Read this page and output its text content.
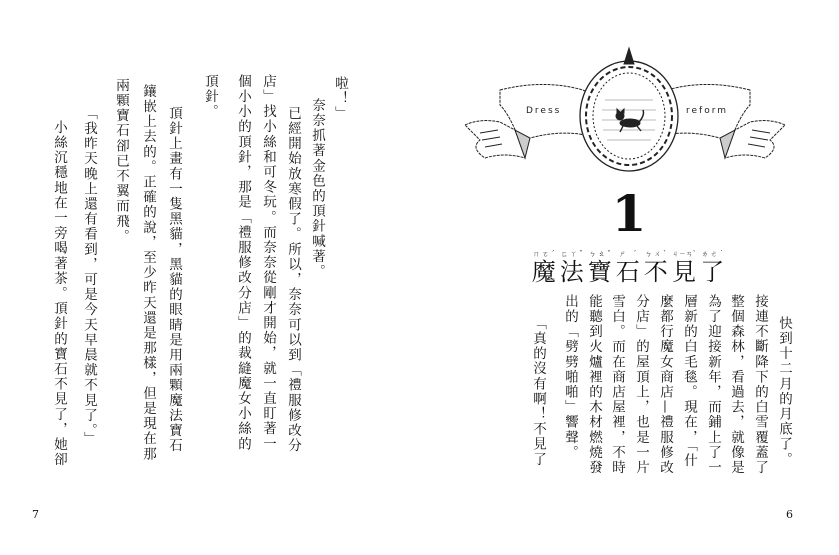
啦！」
奈奈抓著金色的頂針喊著。
已經開始放寒假了。所以，奈奈可以到「禮服修改分
店」找小絲和可冬玩。而奈奈從剛才開始，就一直盯著一
個小小的頂針，那是「禮服修改分店」的裁縫魔女小絲的
頂針。
頂針上畫有一隻黑貓，黑貓的眼睛是用兩顆魔法寶石
鑲嵌上去的。正確的說，至少昨天還是那樣，但是現在那
兩顆寶石卻已不翼而飛。
「我昨天晚上還有看到，可是今天早晨就不見了。」
小絲沉穩地在一旁喝著茶。頂針的寶石不見了，她卻
7
Dress	reform
1
魔ㄇㄛˊ法ㄈㄚˇ寶ㄅㄠˇ石ㄕˊ不ㄅㄨˋ見ㄐㄧㄢˋ了ㄌㄜ˙
快到十二月的月底了。
接連不斷降下的白雪覆蓋了
整個森林，看過去，就像是
為了迎接新年，而鋪上了一
層新的白毛毯。現在，「什
麼都行魔女商店—禮服修改
分店」的屋頂上，也是一片
雪白。而在商店屋裡，不時
能聽到火爐裡的木材燃燒發
出的「劈劈啪啪」響聲。
「真的沒有啊！不見了
6
